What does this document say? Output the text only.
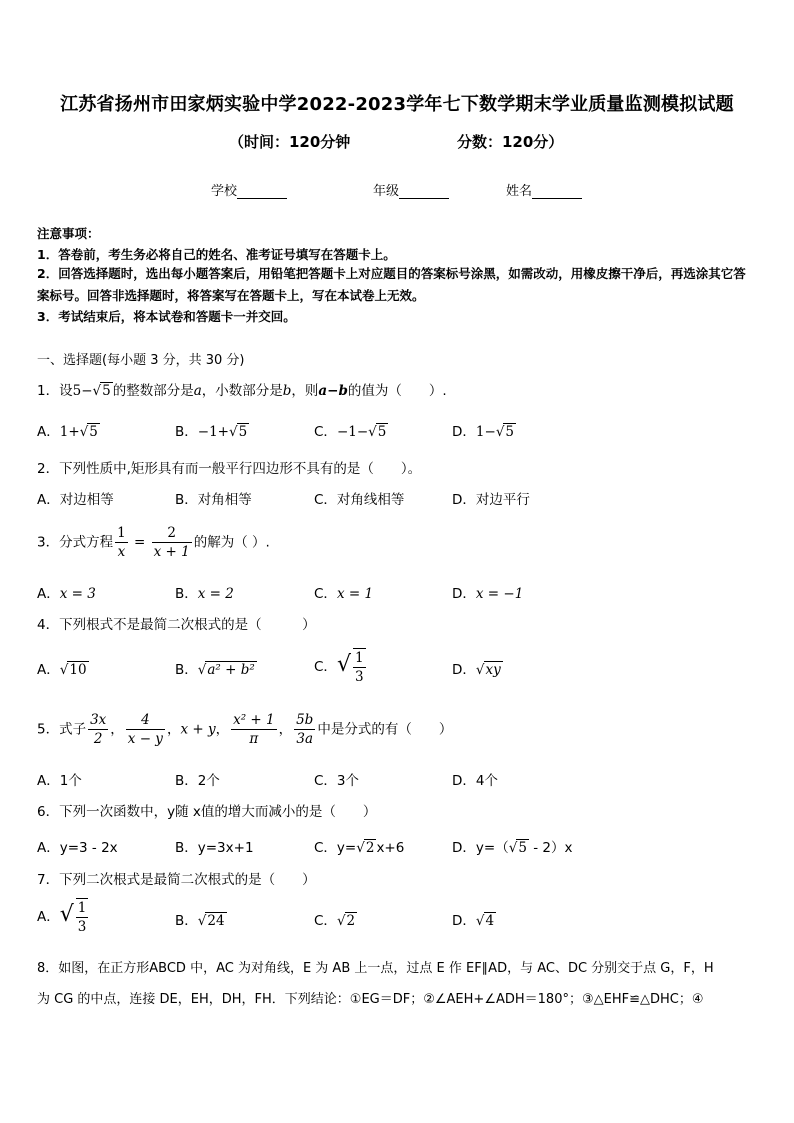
江苏省扬州市田家炳实验中学2022-2023学年七下数学期末学业质量监测模拟试题
（时间：120分钟	分数：120分）
学校	年级	姓名
注意事项：
1．答卷前，考生务必将自己的姓名、准考证号填写在答题卡上。
2．回答选择题时，选出每小题答案后，用铅笔把答题卡上对应题目的答案标号涂黑，如需改动，用橡皮擦干净后，再选涂其它答案标号。回答非选择题时，将答案写在答题卡上，写在本试卷上无效。
3．考试结束后，将本试卷和答题卡一并交回。
一、选择题(每小题 3 分，共 30 分)
1．设5−√5 的整数部分是a，小数部分是b，则a−b的值为（　　）.
A．1+√5	B．−1+√5	C．−1−√5	D．1−√5
2．下列性质中,矩形具有而一般平行四边形不具有的是（　　）。
A．对边相等	B．对角相等	C．对角线相等	D．对边平行
3．分式方程 $\frac{1}{x} = \frac{2}{x + 1}$ 的解为（ ）.
A．x = 3	B．x = 2	C．x = 1	D．x = −1
4．下列根式不是最简二次根式的是（　　　）
A．√10	B．√a² + b²	C．√ $\frac{1}{3}$	D．√xy
5．式子 $\frac{3x}{2}$ ， $\frac{4}{x - y}$ ，x + y， $\frac{\text{x² + 1}}{\pi}$ ， $\frac{5b}{3a}$ 中是分式的有（　　）
A．1个	B．2个	C．3个	D．4个
6．下列一次函数中，y随 x值的增大而减小的是（　　）
A．y=3 - 2x	B．y=3x+1	C．y=√2 x+6	D．y=（√5 - 2）x
7．下列二次根式是最简二次根式的是（　　）
A．√ $\frac{1}{3}$	B．√24	C．√2	D．√4
8．如图，在正方形ABCD 中，AC 为对角线，E 为 AB 上一点，过点 E 作 EF∥AD，与 AC、DC 分别交于点 G，F，H
为 CG 的中点，连接 DE，EH，DH，FH．下列结论：①EG＝DF；②∠AEH+∠ADH＝180°；③△EHF≌△DHC；④
